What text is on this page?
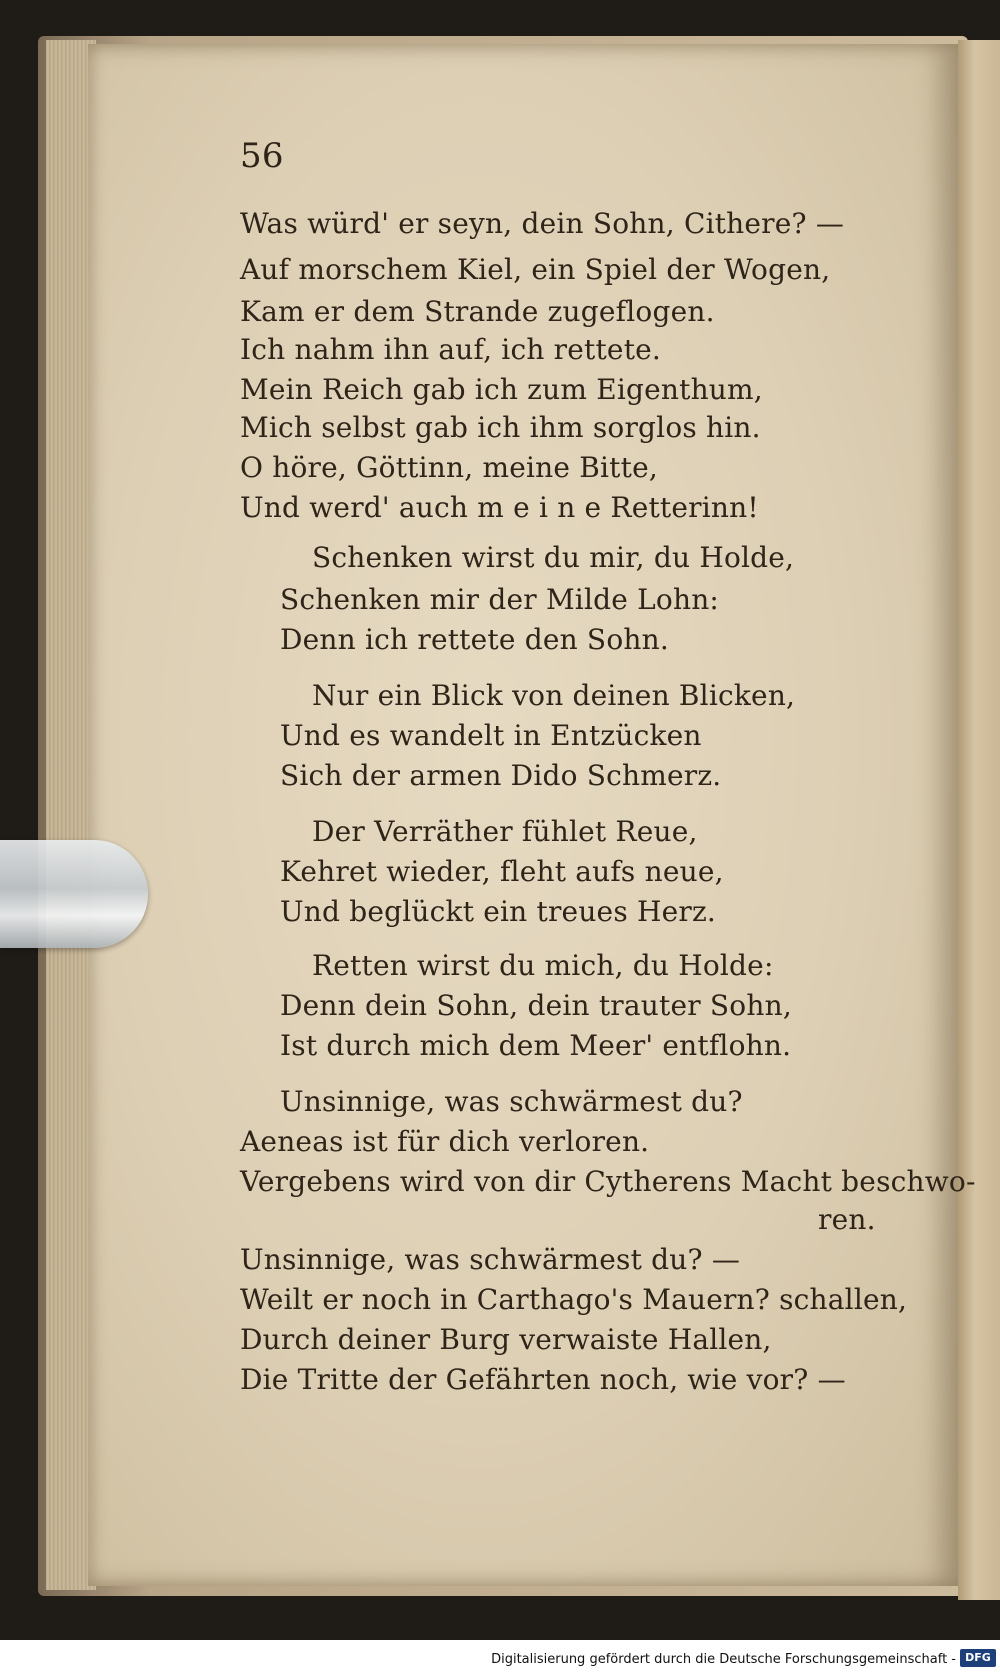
56
Was würd' er seyn, dein Sohn, Cithere? —
Auf morschem Kiel, ein Spiel der Wogen,
Kam er dem Strande zugeflogen.
Ich nahm ihn auf, ich rettete.
Mein Reich gab ich zum Eigenthum,
Mich selbst gab ich ihm sorglos hin.
O höre, Göttinn, meine Bitte,
Und werd' auch m e i n e Retterinn!
Schenken wirst du mir, du Holde,
Schenken mir der Milde Lohn:
Denn ich rettete den Sohn.
Nur ein Blick von deinen Blicken,
Und es wandelt in Entzücken
Sich der armen Dido Schmerz.
Der Verräther fühlet Reue,
Kehret wieder, fleht aufs neue,
Und beglückt ein treues Herz.
Retten wirst du mich, du Holde:
Denn dein Sohn, dein trauter Sohn,
Ist durch mich dem Meer' entflohn.
Unsinnige, was schwärmest du?
Aeneas ist für dich verloren.
Vergebens wird von dir Cytherens Macht beschwo-
ren.
Unsinnige, was schwärmest du? —
Weilt er noch in Carthago's Mauern? schallen,
Durch deiner Burg verwaiste Hallen,
Die Tritte der Gefährten noch, wie vor? —
Digitalisierung gefördert durch die Deutsche Forschungsgemeinschaft - DFG
